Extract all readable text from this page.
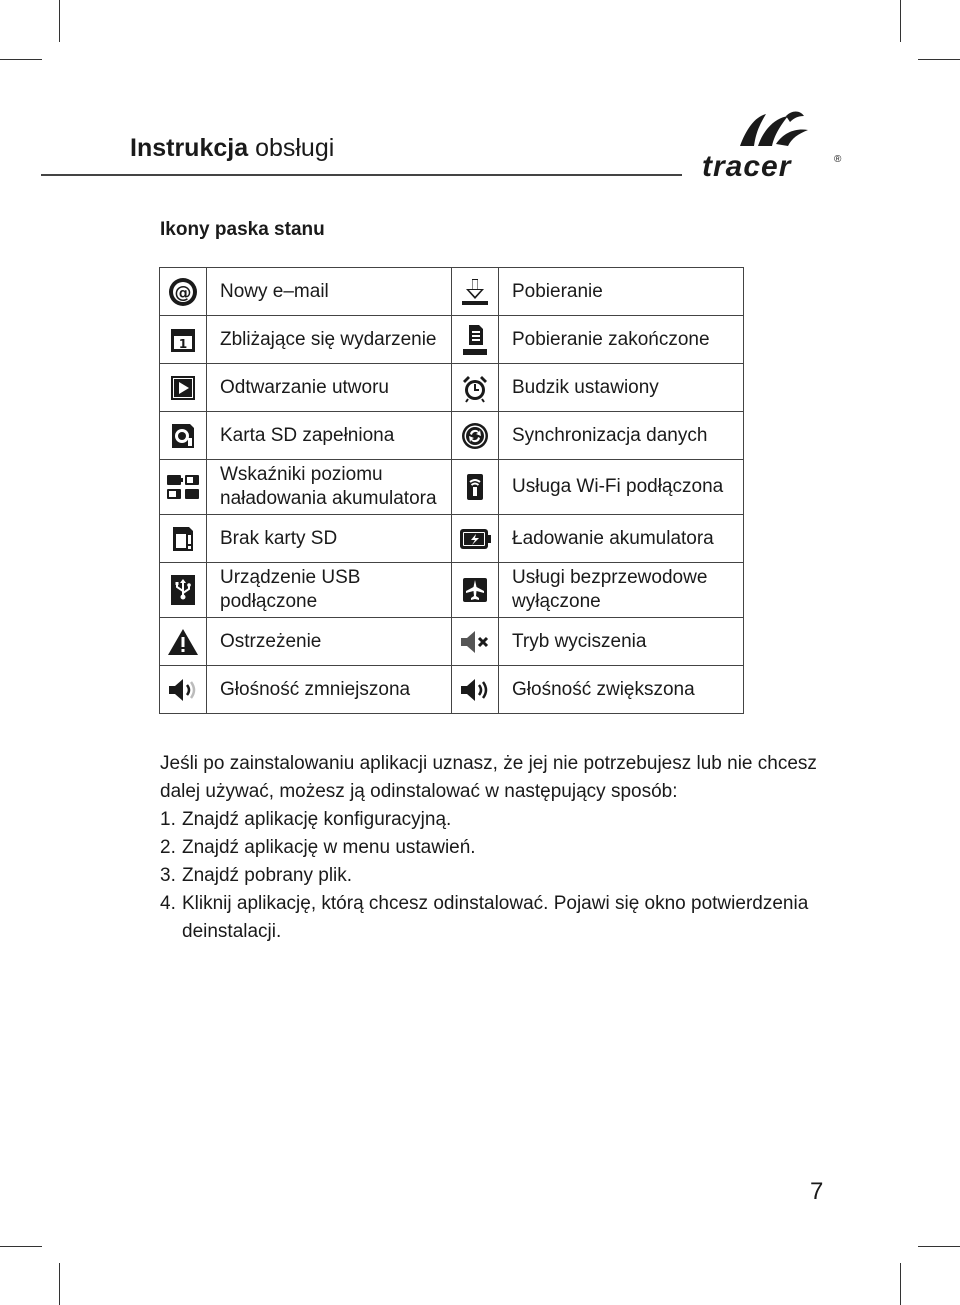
Instrukcja obsługi
tracer	®
Ikony paska stanu
@	Nowy e–mail		Pobieranie

1	Zbliżające się wydarzenie		Pobieranie zakończone

	Odtwarzanie utworu		Budzik ustawiony

	Karta SD zapełniona		Synchronizacja danych

	Wskaźniki poziomu naładowania akumulatora		Usługa Wi-Fi podłączona

	Brak karty SD		Ładowanie akumulatora

	Urządzenie USB podłączone		Usługi bezprzewodowe wyłączone

	Ostrzeżenie		Tryb wyciszenia

	Głośność zmniejszona		Głośność zwiększona

Jeśli po zainstalowaniu aplikacji uznasz, że jej nie potrzebujesz lub nie chcesz dalej używać, możesz ją odinstalować w następujący sposób:

1. Znajdź aplikację konfiguracyjną.
2. Znajdź aplikację w menu ustawień.
3. Znajdź pobrany plik.
4. Kliknij aplikację, którą chcesz odinstalować. Pojawi się okno potwierdzenia deinstalacji.
7
